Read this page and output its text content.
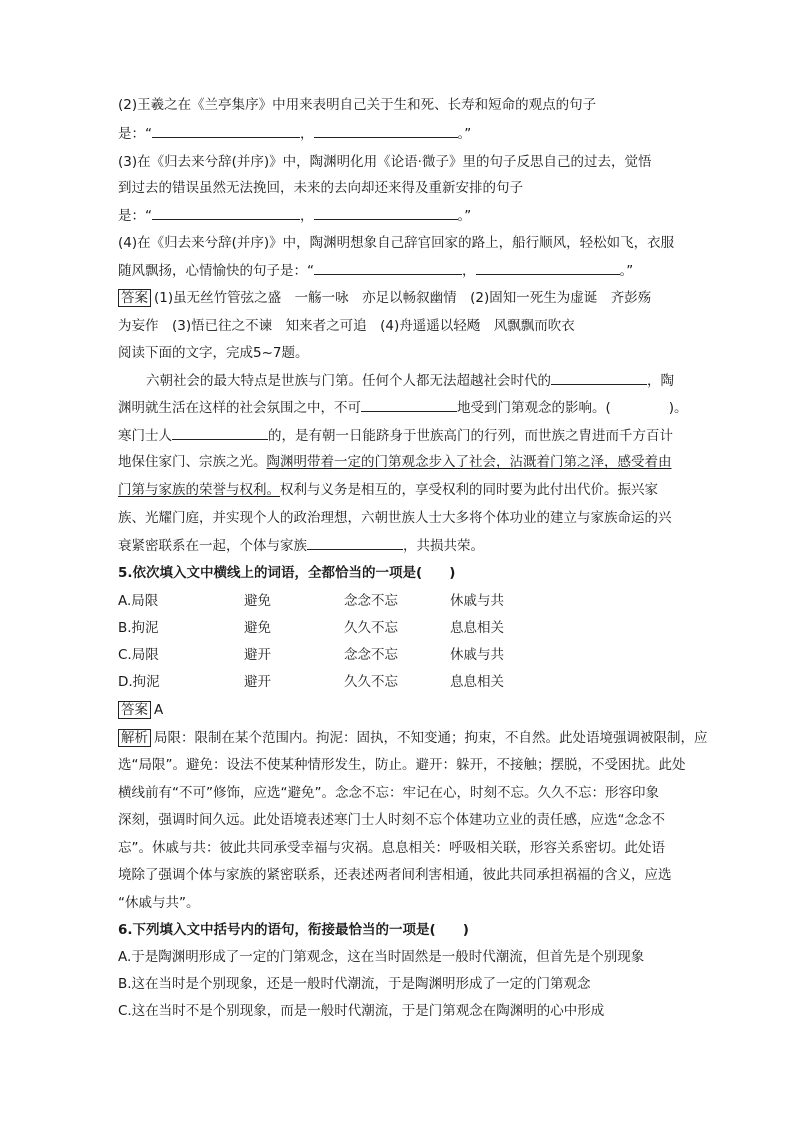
(2)王羲之在《兰亭集序》中用来表明自己关于生和死、长寿和短命的观点的句子
是：“	，	。”
(3)在《归去来兮辞(并序)》中，陶渊明化用《论语·微子》里的句子反思自己的过去，觉悟
到过去的错误虽然无法挽回，未来的去向却还来得及重新安排的句子
是：“	，	。”
(4)在《归去来兮辞(并序)》中，陶渊明想象自己辞官回家的路上，船行顺风，轻松如飞，衣服
随风飘扬，心情愉快的句子是：“	，	。”
答案 (1)虽无丝竹管弦之盛　一觞一咏　亦足以畅叙幽情　(2)固知一死生为虚诞　齐彭殇
为妄作　(3)悟已往之不谏　知来者之可追　(4)舟遥遥以轻飏　风飘飘而吹衣
阅读下面的文字，完成5~7题。
六朝社会的最大特点是世族与门第。任何个人都无法超越社会时代的	，陶
渊明就生活在这样的社会氛围之中，不可	地受到门第观念的影响。(	)。
寒门士人	的，是有朝一日能跻身于世族高门的行列，而世族之胄进而千方百计
地保住家门、宗族之光。陶渊明带着一定的门第观念步入了社会，沾溉着门第之泽，感受着由
门第与家族的荣誉与权利。权利与义务是相互的，享受权利的同时要为此付出代价。振兴家
族、光耀门庭，并实现个人的政治理想，六朝世族人士大多将个体功业的建立与家族命运的兴
衰紧密联系在一起，个体与家族	，共损共荣。
5.依次填入文中横线上的词语，全都恰当的一项是(　　)
A.局限	避免	念念不忘	休戚与共
B.拘泥	避免	久久不忘	息息相关
C.局限	避开	念念不忘	休戚与共
D.拘泥	避开	久久不忘	息息相关
答案 A
解析 局限：限制在某个范围内。拘泥：固执，不知变通；拘束，不自然。此处语境强调被限制，应
选“局限”。避免：设法不使某种情形发生，防止。避开：躲开，不接触；摆脱，不受困扰。此处
横线前有“不可”修饰，应选“避免”。念念不忘：牢记在心，时刻不忘。久久不忘：形容印象
深刻，强调时间久远。此处语境表述寒门士人时刻不忘个体建功立业的责任感，应选“念念不
忘”。休戚与共：彼此共同承受幸福与灾祸。息息相关：呼吸相关联，形容关系密切。此处语
境除了强调个体与家族的紧密联系，还表述两者间利害相通，彼此共同承担祸福的含义，应选
“休戚与共”。
6.下列填入文中括号内的语句，衔接最恰当的一项是(　　)
A.于是陶渊明形成了一定的门第观念，这在当时固然是一般时代潮流，但首先是个别现象
B.这在当时是个别现象，还是一般时代潮流，于是陶渊明形成了一定的门第观念
C.这在当时不是个别现象，而是一般时代潮流，于是门第观念在陶渊明的心中形成
